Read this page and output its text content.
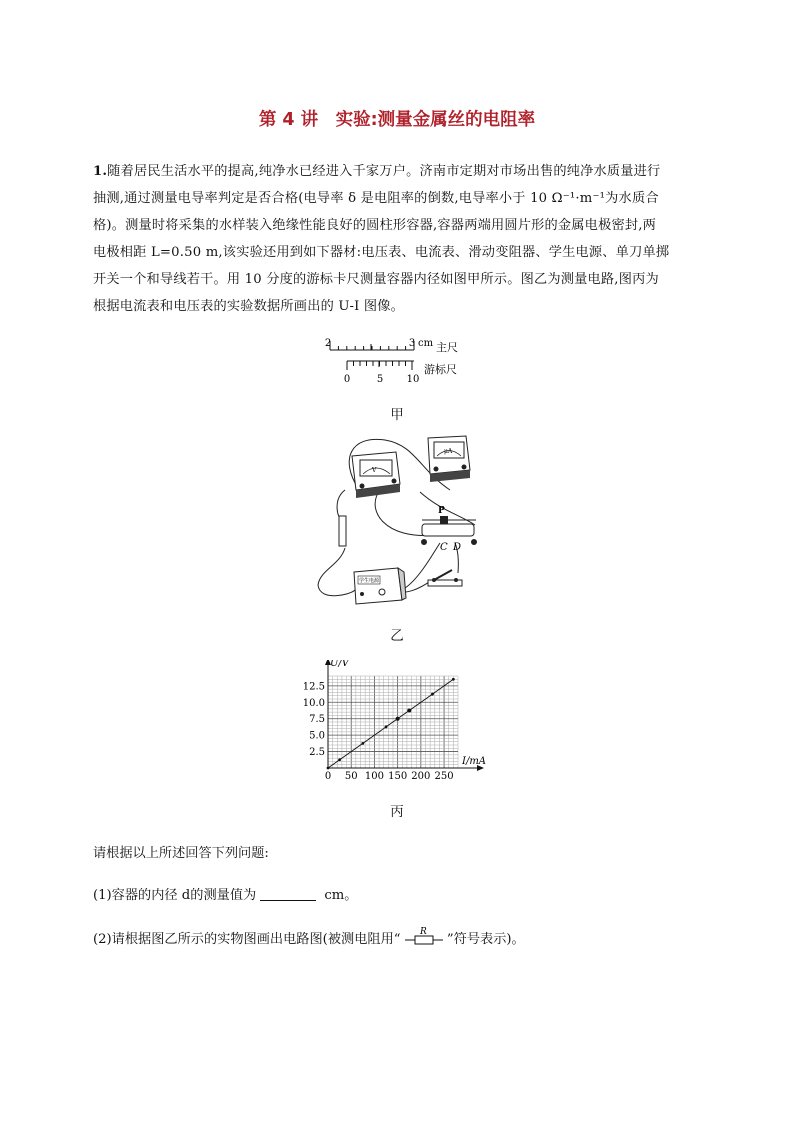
第 4 讲　实验:测量金属丝的电阻率
1.随着居民生活水平的提高,纯净水已经进入千家万户。济南市定期对市场出售的纯净水质量进行
抽测,通过测量电导率判定是否合格(电导率 δ 是电阻率的倒数,电导率小于 10 Ω⁻¹·m⁻¹为水质合
格)。测量时将采集的水样装入绝缘性能良好的圆柱形容器,容器两端用圆片形的金属电极密封,两
电极相距 L=0.50 m,该实验还用到如下器材:电压表、电流表、滑动变阻器、学生电源、单刀单掷
开关一个和导线若干。用 10 分度的游标卡尺测量容器内径如图甲所示。图乙为测量电路,图丙为
根据电流表和电压表的实验数据所画出的 U-I 图像。
2	3 cm 主尺
0	5 10
游标尺
甲
V
μA
P
C D
学生电源
乙
0 50 100 150 200 250
2.5
5.0
7.5
10.0
12.5
U/V
I/mA
丙
请根据以上所述回答下列问题:
(1)容器的内径 d的测量值为	cm。
(2)请根据图乙所示的实物图画出电路图(被测电阻用“ R ”符号表示)。
